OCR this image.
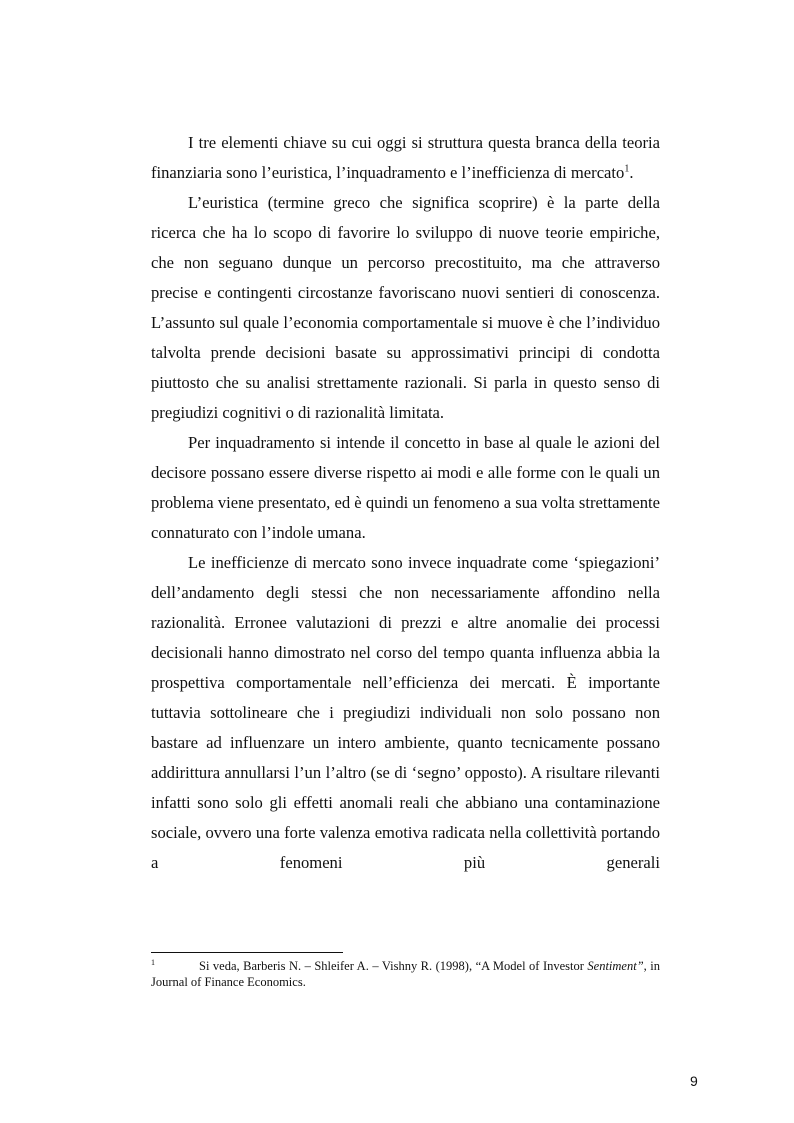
I tre elementi chiave su cui oggi si struttura questa branca della teoria finanziaria sono l’euristica, l’inquadramento e l’inefficienza di mercato$^1$.

L’euristica (termine greco che significa scoprire) è la parte della ricerca che ha lo scopo di favorire lo sviluppo di nuove teorie empiriche, che non seguano dunque un percorso precostituito, ma che attraverso precise e contingenti circostanze favoriscano nuovi sentieri di conoscenza. L’assunto sul quale l’economia comportamentale si muove è che l’individuo talvolta prende decisioni basate su approssimativi principi di condotta piuttosto che su analisi strettamente razionali. Si parla in questo senso di pregiudizi cognitivi o di razionalità limitata.

Per inquadramento si intende il concetto in base al quale le azioni del decisore possano essere diverse rispetto ai modi e alle forme con le quali un problema viene presentato, ed è quindi un fenomeno a sua volta strettamente connaturato con l’indole umana.

Le inefficienze di mercato sono invece inquadrate come ‘spiegazioni’ dell’andamento degli stessi che non necessariamente affondino nella razionalità. Erronee valutazioni di prezzi e altre anomalie dei processi decisionali hanno dimostrato nel corso del tempo quanta influenza abbia la prospettiva comportamentale nell’efficienza dei mercati. È importante tuttavia sottolineare che i pregiudizi individuali non solo possano non bastare ad influenzare un intero ambiente, quanto tecnicamente possano addirittura annullarsi l’un l’altro (se di ‘segno’ opposto). A risultare rilevanti infatti sono solo gli effetti anomali reali che abbiano una contaminazione sociale, ovvero una forte valenza emotiva radicata nella collettività portando a fenomeni più generali

1	Si veda, Barberis N. – Shleifer A. – Vishny R. (1998), “A Model of Investor Sentiment”, in Journal of Finance Economics.
9
